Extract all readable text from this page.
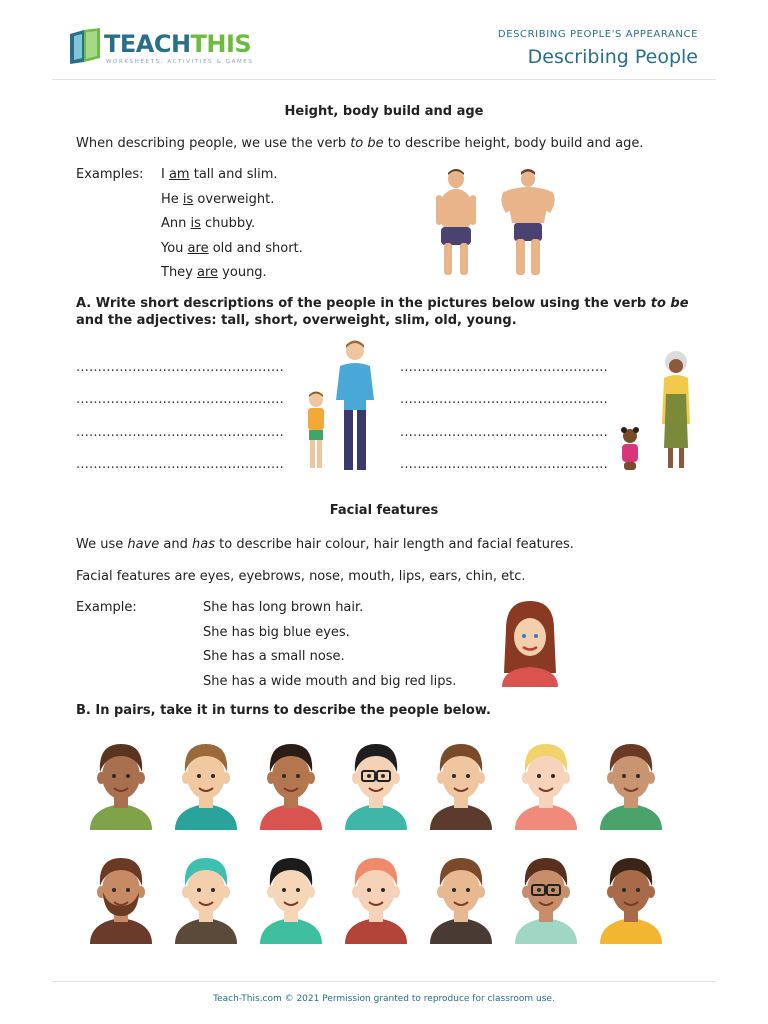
TEACHTHIS
WORKSHEETS, ACTIVITIES & GAMES
DESCRIBING PEOPLE'S APPEARANCE
Describing People
Height, body build and age
When describing people, we use the verb to be to describe height, body build and age.
Examples: I am tall and slim.
He is overweight.
Ann is chubby.
You are old and short.
They are young.
A. Write short descriptions of the people in the pictures below using the verb to be
and the adjectives: tall, short, overweight, slim, old, young.
................................................
................................................
................................................
................................................
................................................
................................................
................................................
................................................
Facial features
We use have and has to describe hair colour, hair length and facial features.
Facial features are eyes, eyebrows, nose, mouth, lips, ears, chin, etc.
Example:	She has long brown hair.
She has big blue eyes.
She has a small nose.
She has a wide mouth and big red lips.
B. In pairs, take it in turns to describe the people below.
Teach-This.com © 2021 Permission granted to reproduce for classroom use.
